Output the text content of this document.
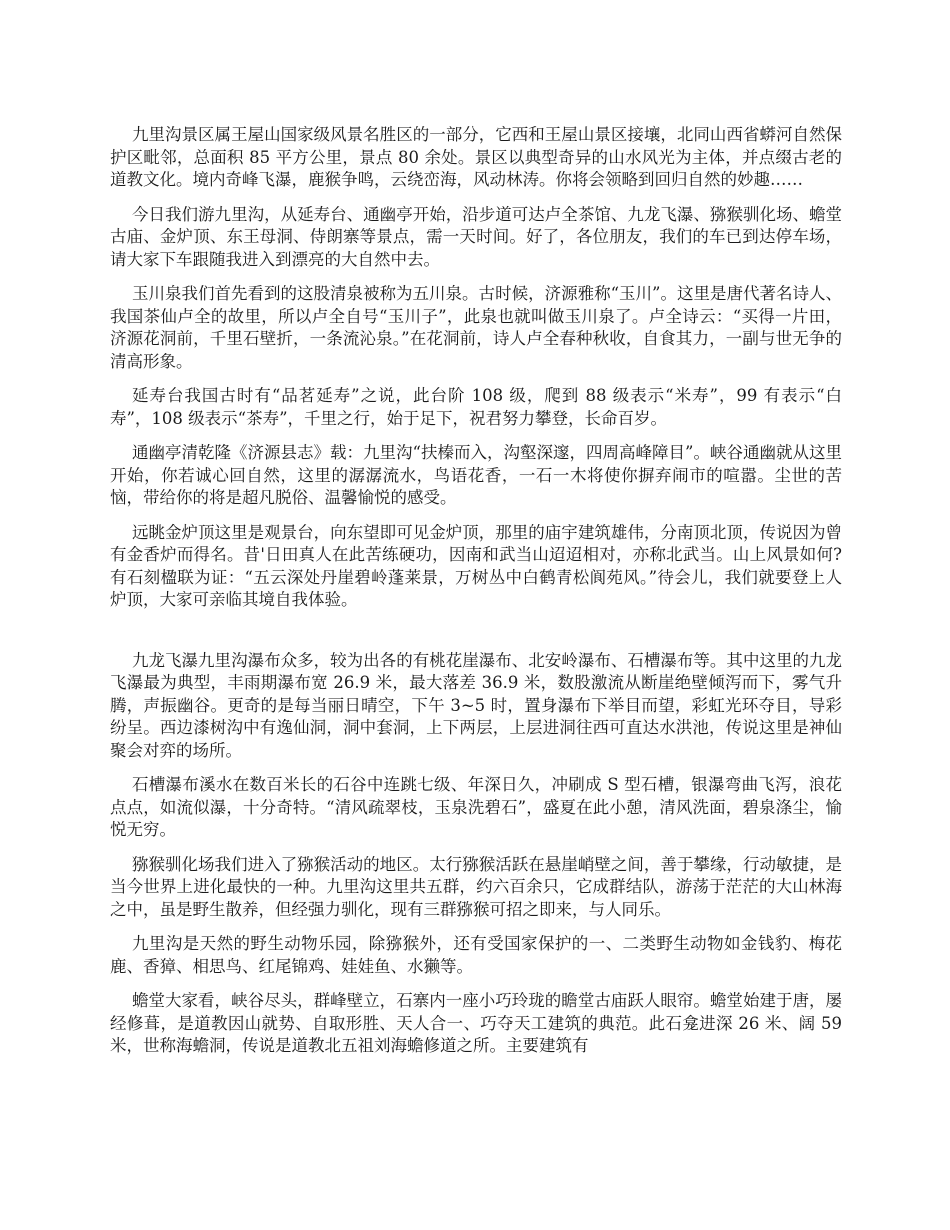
九里沟景区属王屋山国家级风景名胜区的一部分，它西和王屋山景区接壤，北同山西省蟒河自然保护区毗邻，总面积 85 平方公里，景点 80 余处。景区以典型奇异的山水风光为主体，并点缀古老的道教文化。境内奇峰飞瀑，鹿猴争鸣，云绕峦海，风动林涛。你将会领略到回归自然的妙趣……

今日我们游九里沟，从延寿台、通幽亭开始，沿步道可达卢全茶馆、九龙飞瀑、猕猴驯化场、蟾堂古庙、金炉顶、东王母洞、侍朗寨等景点，需一天时间。好了，各位朋友，我们的车已到达停车场，请大家下车跟随我进入到漂亮的大自然中去。

玉川泉我们首先看到的这股清泉被称为五川泉。古时候，济源雅称“玉川”。这里是唐代著名诗人、我国茶仙卢全的故里，所以卢全自号“玉川子”，此泉也就叫做玉川泉了。卢全诗云：“买得一片田，济源花洞前，千里石壁折，一条流沁泉。”在花洞前，诗人卢全春种秋收，自食其力，一副与世无争的清高形象。

延寿台我国古时有“品茗延寿”之说，此台阶 108 级，爬到 88 级表示“米寿”，99 有表示“白寿”，108 级表示“茶寿”，千里之行，始于足下，祝君努力攀登，长命百岁。

通幽亭清乾隆《济源县志》载：九里沟“扶榛而入，沟壑深邃，四周高峰障目”。峡谷通幽就从这里开始，你若诚心回自然，这里的潺潺流水，鸟语花香，一石一木将使你摒弃闹市的喧嚣。尘世的苦恼，带给你的将是超凡脱俗、温馨愉悦的感受。

远眺金炉顶这里是观景台，向东望即可见金炉顶，那里的庙宇建筑雄伟，分南顶北顶，传说因为曾有金香炉而得名。昔'日田真人在此苦练硬功，因南和武当山迢迢相对，亦称北武当。山上风景如何?有石刻楹联为证：“五云深处丹崖碧岭蓬莱景，万树丛中白鹤青松阆苑风。”待会儿，我们就要登上人炉顶，大家可亲临其境自我体验。

九龙飞瀑九里沟瀑布众多，较为出各的有桃花崖瀑布、北安岭瀑布、石槽瀑布等。其中这里的九龙飞瀑最为典型，丰雨期瀑布宽 26.9 米，最大落差 36.9 米，数股激流从断崖绝壁倾泻而下，雾气升腾，声振幽谷。更奇的是每当丽日晴空，下午 3~5 时，置身瀑布下举目而望，彩虹光环夺目，导彩纷呈。西边漆树沟中有逸仙洞，洞中套洞，上下两层，上层进洞往西可直达水洪池，传说这里是神仙聚会对弈的场所。

石槽瀑布溪水在数百米长的石谷中连跳七级、年深日久，冲刷成 S 型石槽，银瀑弯曲飞泻，浪花点点，如流似瀑，十分奇特。“清风疏翠枝，玉泉洗碧石”，盛夏在此小憩，清风洗面，碧泉涤尘，愉悦无穷。

猕猴驯化场我们进入了猕猴活动的地区。太行猕猴活跃在悬崖峭壁之间，善于攀缘，行动敏捷，是当今世界上进化最快的一种。九里沟这里共五群，约六百余只，它成群结队，游荡于茫茫的大山林海之中，虽是野生散养，但经强力驯化，现有三群猕猴可招之即来，与人同乐。

九里沟是天然的野生动物乐园，除猕猴外，还有受国家保护的一、二类野生动物如金钱豹、梅花鹿、香獐、相思鸟、红尾锦鸡、娃娃鱼、水獭等。

蟾堂大家看，峡谷尽头，群峰壁立，石寨内一座小巧玲珑的瞻堂古庙跃人眼帘。蟾堂始建于唐，屡经修葺，是道教因山就势、自取形胜、天人合一、巧夺天工建筑的典范。此石龛进深 26 米、阔 59 米，世称海蟾洞，传说是道教北五祖刘海蟾修道之所。主要建筑有
